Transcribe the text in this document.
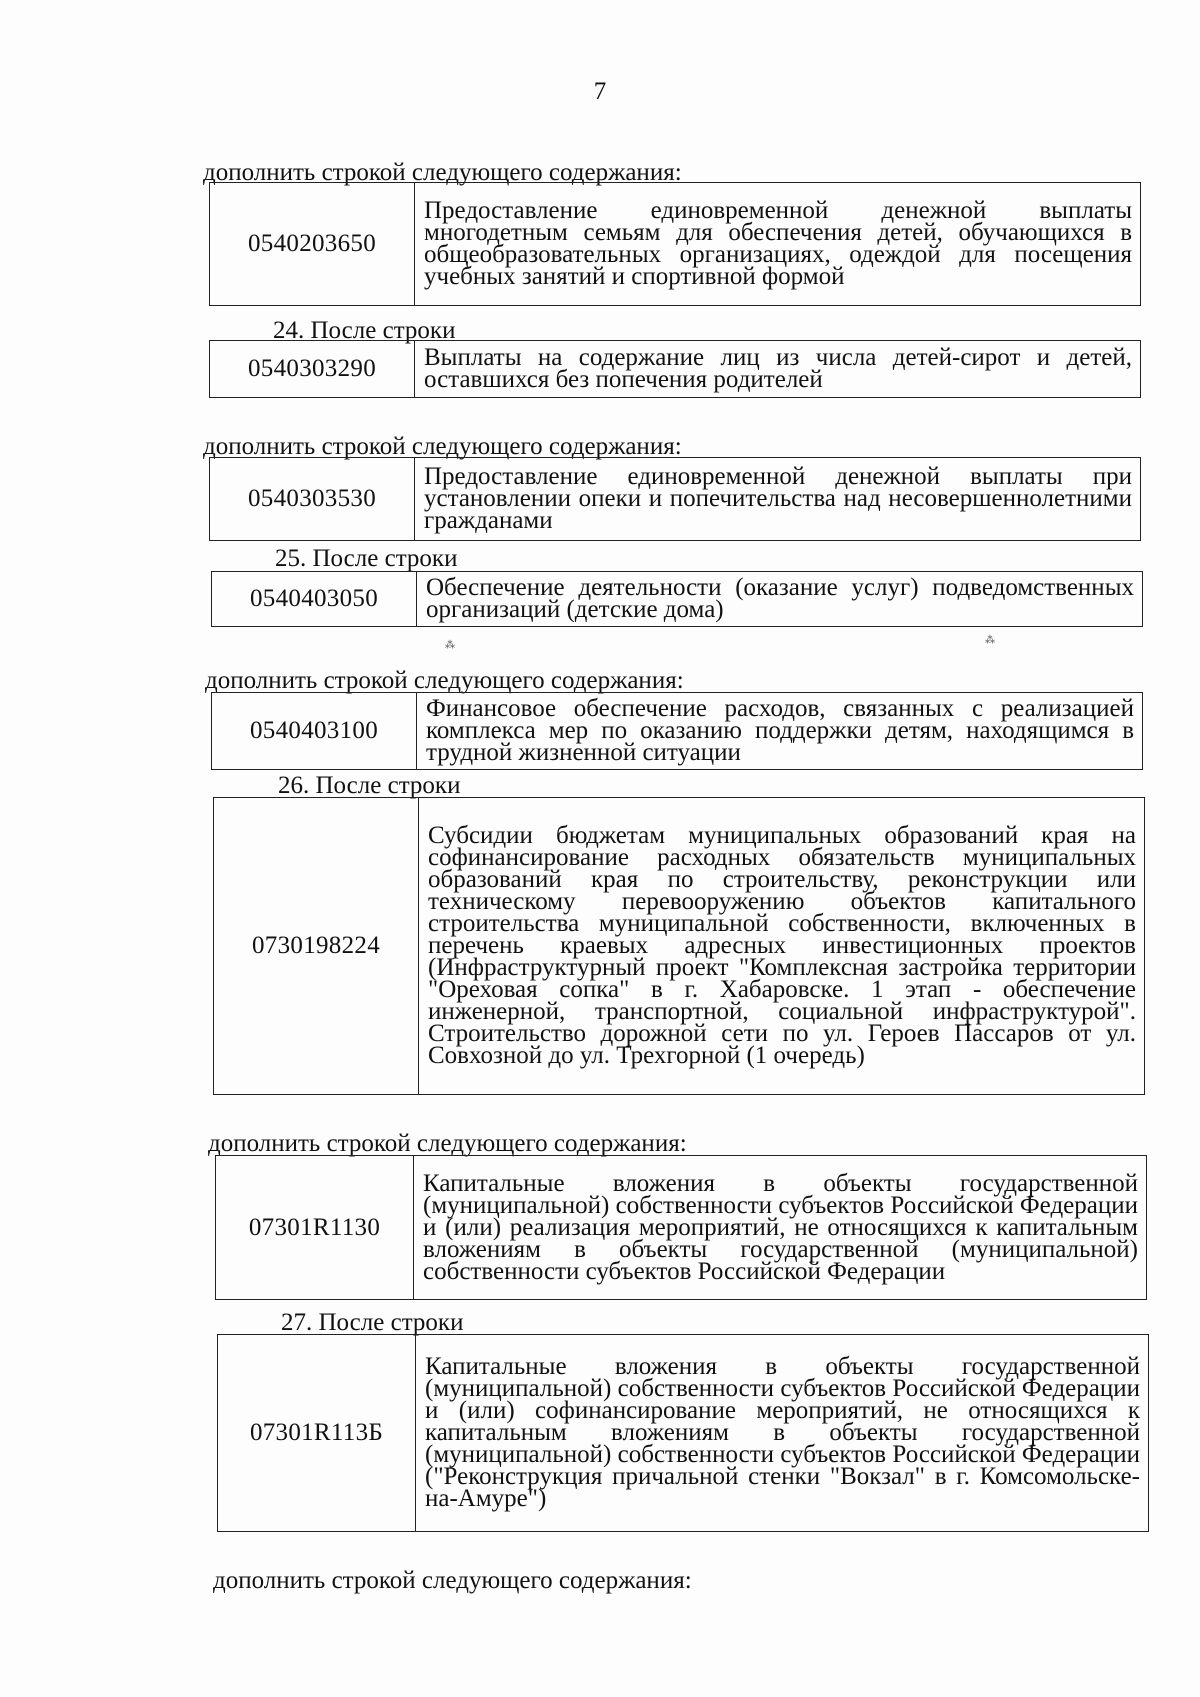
7
дополнить строкой следующего содержания:
0540203650	Предоставление единовременной денежной выплаты многодетным семьям для обеспечения детей, обучающихся в общеобразовательных организациях, одеждой для посещения учебных занятий и спортивной формой
24. После строки
0540303290	Выплаты на содержание лиц из числа детей-сирот и детей, оставшихся без попечения родителей
дополнить строкой следующего содержания:
0540303530	Предоставление единовременной денежной выплаты при установлении опеки и попечительства над несовершеннолетними гражданами
25. После строки
0540403050	Обеспечение деятельности (оказание услуг) подведомственных организаций (детские дома)
дополнить строкой следующего содержания:
0540403100	Финансовое обеспечение расходов, связанных с реализацией комплекса мер по оказанию поддержки детям, находящимся в трудной жизненной ситуации
26. После строки
0730198224	Субсидии бюджетам муниципальных образований края на софинансирование расходных обязательств муниципальных образований края по строительству, реконструкции или техническому перевооружению объектов капитального строительства муниципальной собственности, включенных в перечень краевых адресных инвестиционных проектов (Инфраструктурный проект "Комплексная застройка территории "Ореховая сопка" в г. Хабаровске. 1 этап - обеспечение инженерной, транспортной, социальной инфраструктурой". Строительство дорожной сети по ул. Героев Пассаров от ул. Совхозной до ул. Трехгорной (1 очередь)
дополнить строкой следующего содержания:
07301R1130	Капитальные вложения в объекты государственной (муниципальной) собственности субъектов Российской Федерации и (или) реализация мероприятий, не относящихся к капитальным вложениям в объекты государственной (муниципальной) собственности субъектов Российской Федерации
27. После строки
07301R113Б	Капитальные вложения в объекты государственной (муниципальной) собственности субъектов Российской Федерации и (или) софинансирование мероприятий, не относящихся к капитальным вложениям в объекты государственной (муниципальной) собственности субъектов Российской Федерации ("Реконструкция причальной стенки "Вокзал" в г. Комсомольске-на-Амуре")
дополнить строкой следующего содержания:
⁂	⁂
